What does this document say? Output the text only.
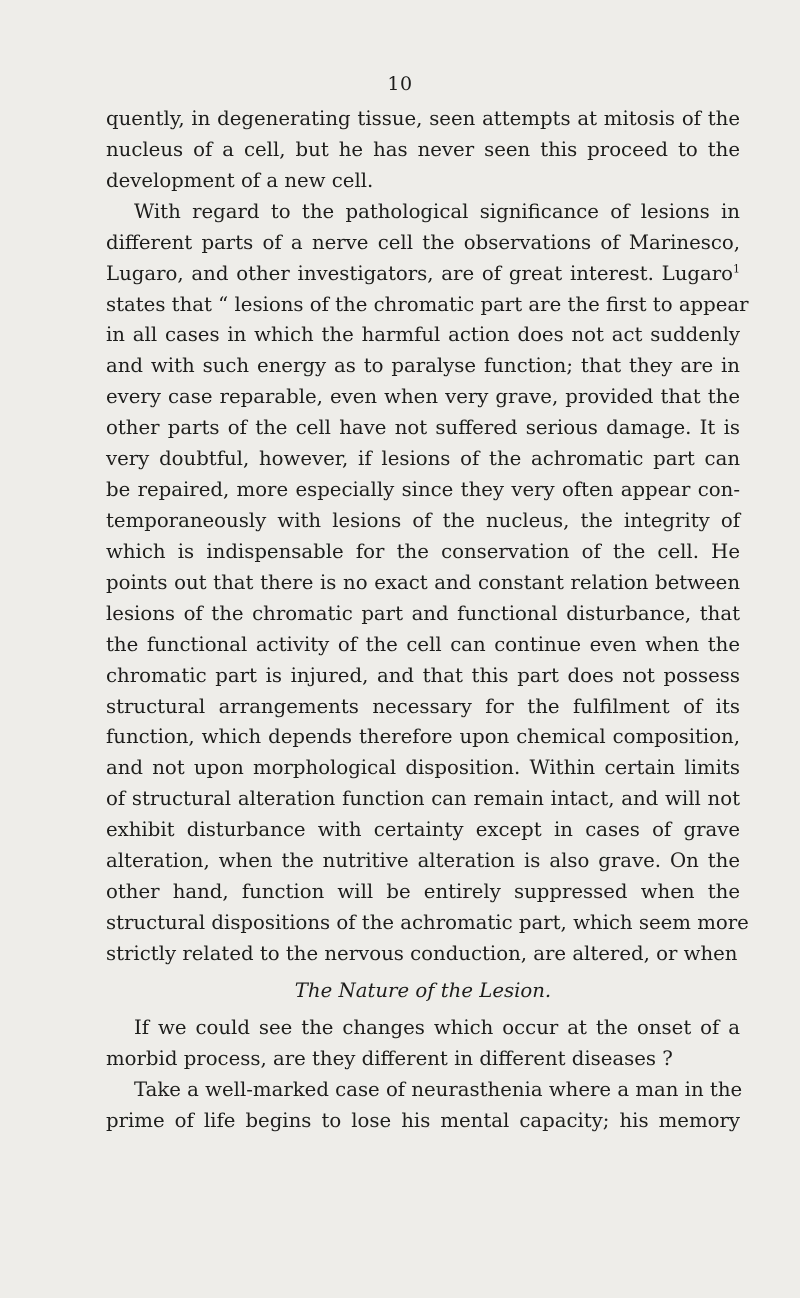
10
quently, in degenerating tissue, seen attempts at mitosis of the
nucleus of a cell, but he has never seen this proceed to the
development of a new cell.
With regard to the pathological significance of lesions in
different parts of a nerve cell the observations of Marinesco,
Lugaro, and other investigators, are of great interest. Lugaro$^1$
states that “ lesions of the chromatic part are the first to appear
in all cases in which the harmful action does not act suddenly
and with such energy as to paralyse function; that they are in
every case reparable, even when very grave, provided that the
other parts of the cell have not suffered serious damage. It is
very doubtful, however, if lesions of the achromatic part can
be repaired, more especially since they very often appear con-
temporaneously with lesions of the nucleus, the integrity of
which is indispensable for the conservation of the cell. He
points out that there is no exact and constant relation between
lesions of the chromatic part and functional disturbance, that
the functional activity of the cell can continue even when the
chromatic part is injured, and that this part does not possess
structural arrangements necessary for the fulfilment of its
function, which depends therefore upon chemical composition,
and not upon morphological disposition. Within certain limits
of structural alteration function can remain intact, and will not
exhibit disturbance with certainty except in cases of grave
alteration, when the nutritive alteration is also grave. On the
other hand, function will be entirely suppressed when the
structural dispositions of the achromatic part, which seem more
strictly related to the nervous conduction, are altered, or when
The Nature of the Lesion.
If we could see the changes which occur at the onset of a
morbid process, are they different in different diseases ?
Take a well-marked case of neurasthenia where a man in the
prime of life begins to lose his mental capacity; his memory
